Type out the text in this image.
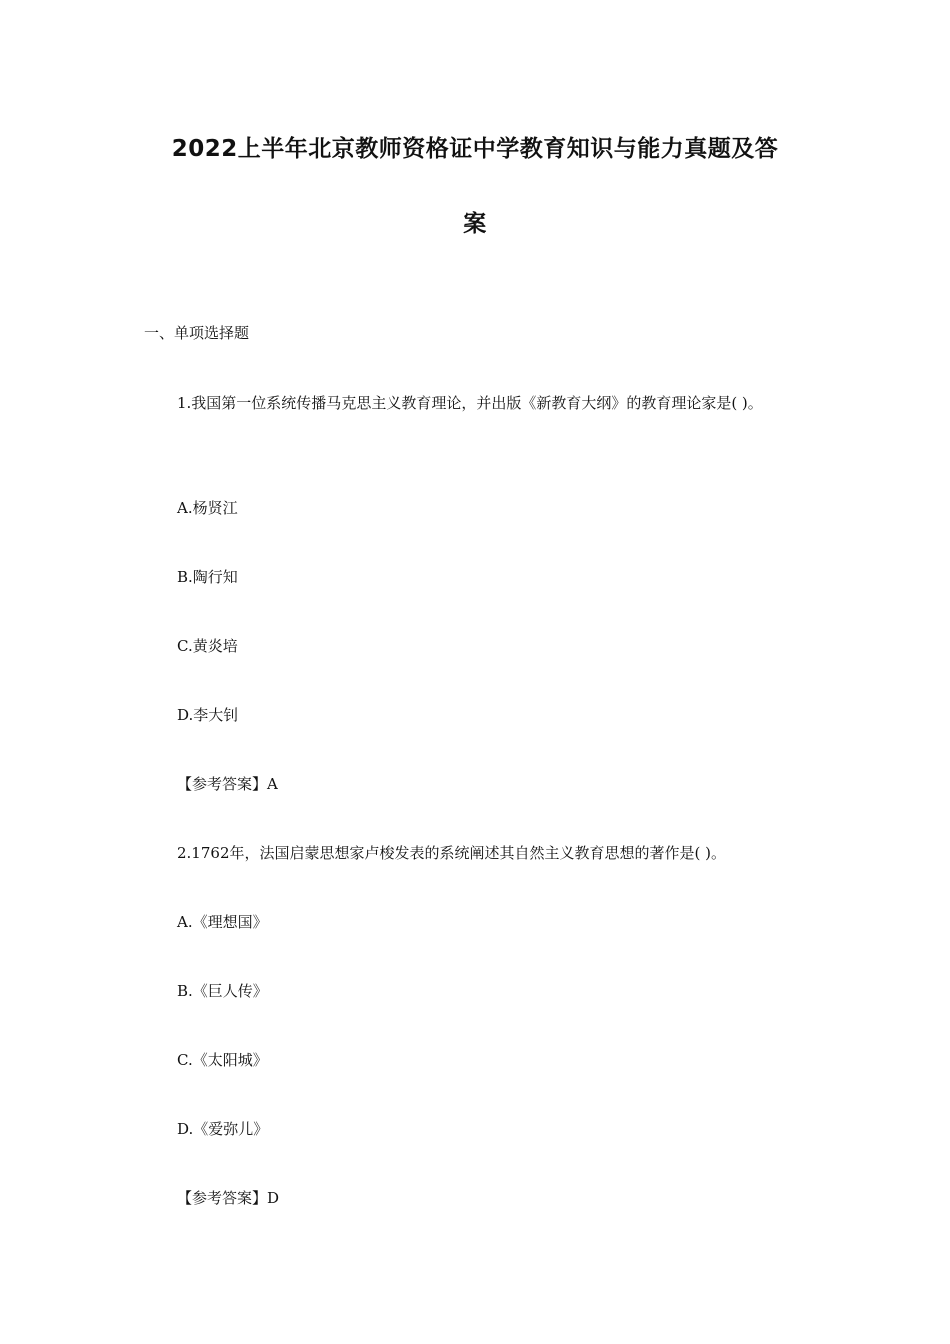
2022上半年北京教师资格证中学教育知识与能力真题及答
案
一、单项选择题
1.我国第一位系统传播马克思主义教育理论，并出版《新教育大纲》的教育理论家是( )。
A.杨贤江
B.陶行知
C.黄炎培
D.李大钊
【参考答案】A
2.1762年，法国启蒙思想家卢梭发表的系统阐述其自然主义教育思想的著作是( )。
A.《理想国》
B.《巨人传》
C.《太阳城》
D.《爱弥儿》
【参考答案】D
